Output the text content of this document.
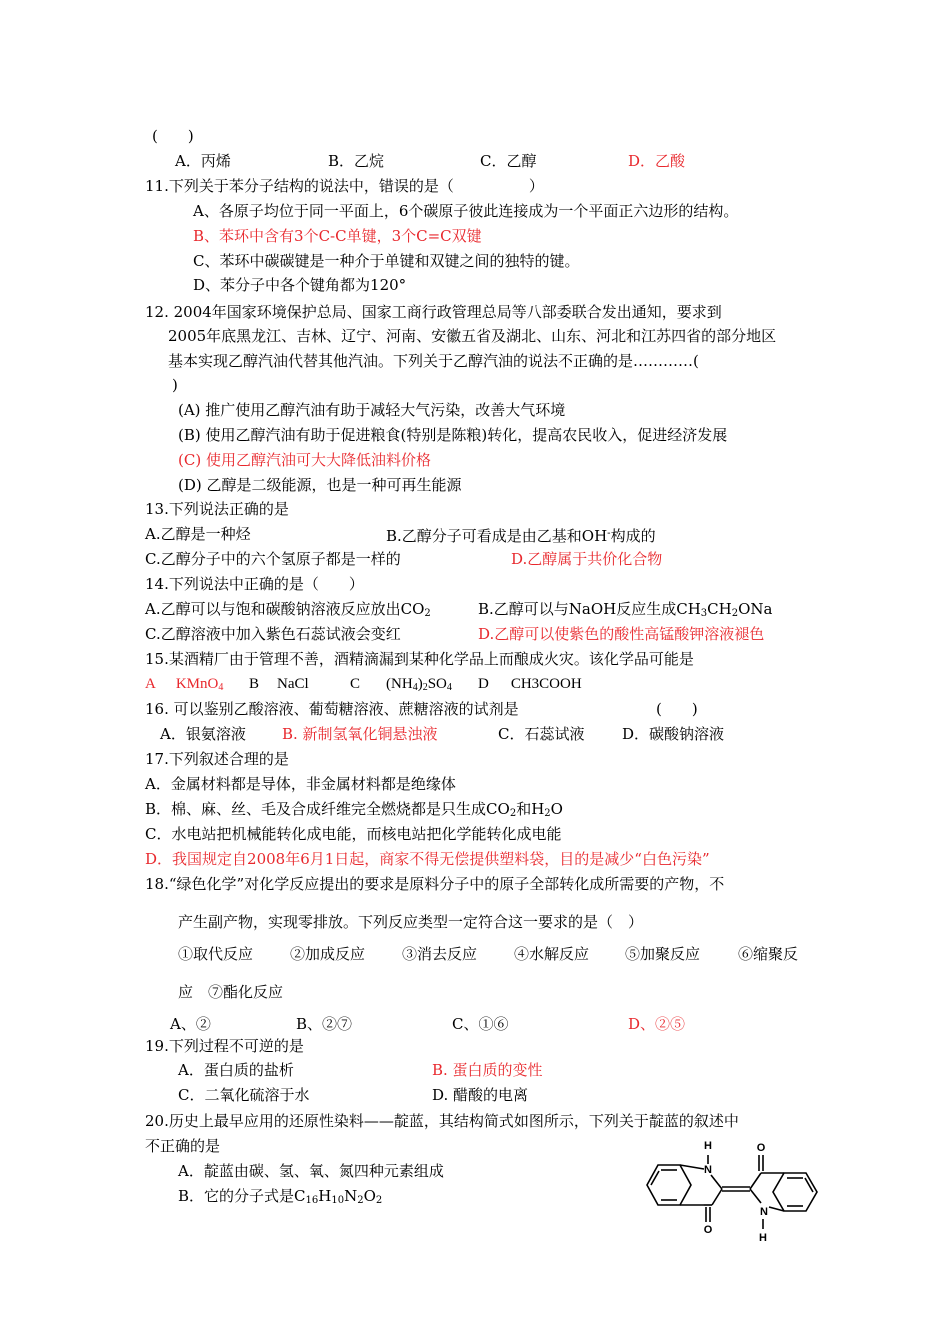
(　　)
A．丙烯	B．乙烷	C．乙醇	D．乙酸
11.下列关于苯分子结构的说法中，错误的是（　　　　　）
A、各原子均位于同一平面上，6个碳原子彼此连接成为一个平面正六边形的结构。
B、苯环中含有3个C-C单键，3个C=C双键
C、苯环中碳碳键是一种介于单键和双键之间的独特的键。
D、苯分子中各个键角都为120°
12. 2004年国家环境保护总局、国家工商行政管理总局等八部委联合发出通知，要求到
2005年底黑龙江、吉林、辽宁、河南、安徽五省及湖北、山东、河北和江苏四省的部分地区
基本实现乙醇汽油代替其他汽油。下列关于乙醇汽油的说法不正确的是…………(
)
(A) 推广使用乙醇汽油有助于减轻大气污染，改善大气环境
(B) 使用乙醇汽油有助于促进粮食(特别是陈粮)转化，提高农民收入，促进经济发展
(C) 使用乙醇汽油可大大降低油料价格
(D) 乙醇是二级能源，也是一种可再生能源
13.下列说法正确的是
A.乙醇是一种烃	B.乙醇分子可看成是由乙基和OH-构成的
C.乙醇分子中的六个氢原子都是一样的	D.乙醇属于共价化合物
14.下列说法中正确的是（　　）
A.乙醇可以与饱和碳酸钠溶液反应放出$CO_2$	B.乙醇可以与NaOH反应生成$CH_3CH_2ONa$
C.乙醇溶液中加入紫色石蕊试液会变红	D.乙醇可以使紫色的酸性高锰酸钾溶液褪色
15.某酒精厂由于管理不善，酒精滴漏到某种化学品上而酿成火灾。该化学品可能是
A KMnO$_4$ B NaCl	C $(NH_4)_2SO_4$ D CH3COOH
16. 可以鉴别乙酸溶液、葡萄糖溶液、蔗糖溶液的试剂是	(　　)
A．银氨溶液 B. 新制氢氧化铜悬浊液	C．石蕊试液	D．碳酸钠溶液
17.下列叙述合理的是
A．金属材料都是导体，非金属材料都是绝缘体
B．棉、麻、丝、毛及合成纤维完全燃烧都是只生成$CO_2$和$H_2O$
C．水电站把机械能转化成电能，而核电站把化学能转化成电能
D．我国规定自2008年6月1日起，商家不得无偿提供塑料袋，目的是减少“白色污染”
18.“绿色化学”对化学反应提出的要求是原料分子中的原子全部转化成所需要的产物，不
产生副产物，实现零排放。下列反应类型一定符合这一要求的是（　）
①取代反应 ②加成反应 ③消去反应 ④水解反应 ⑤加聚反应	⑥缩聚反
应　⑦酯化反应
A、②	B、②⑦	C、①⑥	D、②⑤
19.下列过程不可逆的是
A．蛋白质的盐析	B. 蛋白质的变性
C．二氧化硫溶于水	D. 醋酸的电离
20.历史上最早应用的还原性染料——靛蓝，其结构简式如图所示，下列关于靛蓝的叙述中
不正确的是
A．靛蓝由碳、氢、氧、氮四种元素组成
B．它的分子式是$C_{16}H_{10}N_2O_2$
H
N
O
O
N
H
